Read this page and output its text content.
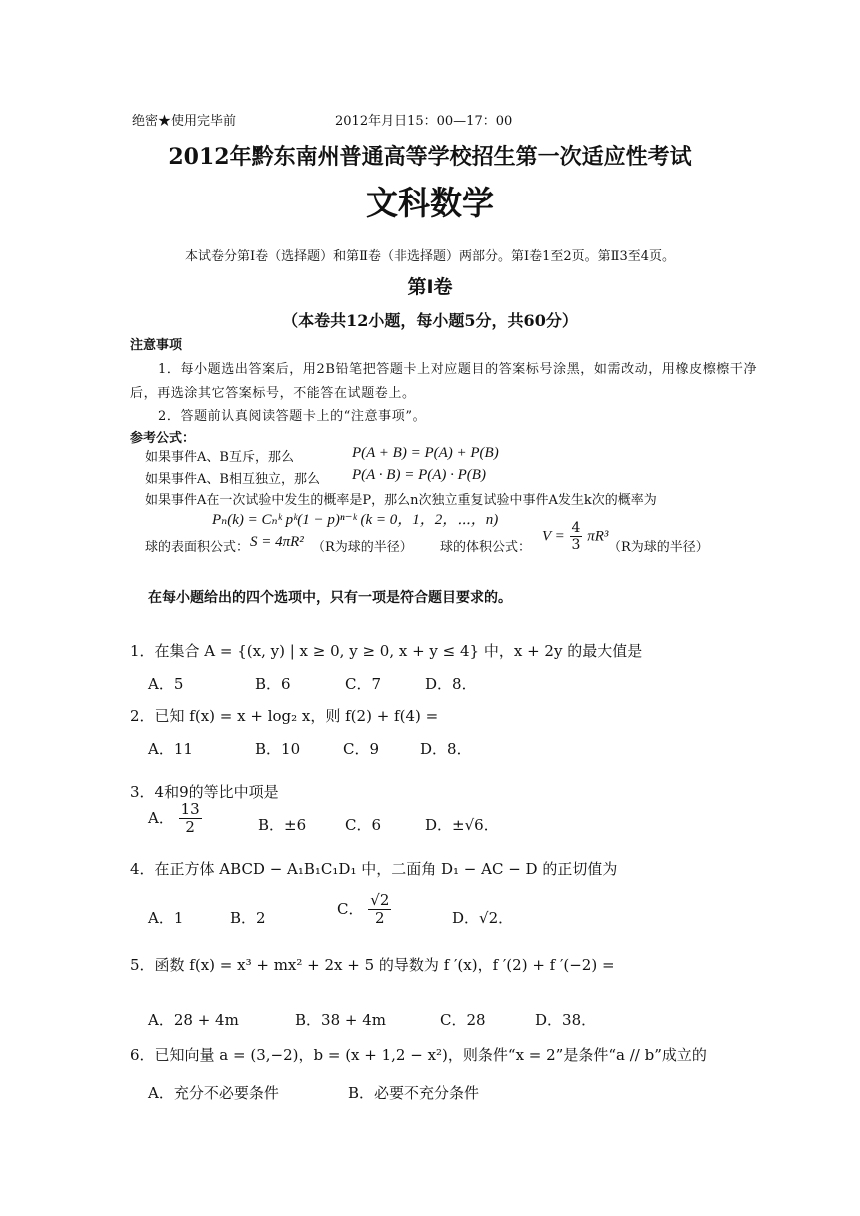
绝密★使用完毕前	2012年月日15：00—17：00
2012年黔东南州普通高等学校招生第一次适应性考试
文科数学
本试卷分第Ⅰ卷（选择题）和第Ⅱ卷（非选择题）两部分。第Ⅰ卷1至2页。第Ⅱ3至4页。
第Ⅰ卷
（本卷共12小题，每小题5分，共60分）
注意事项
1．每小题选出答案后，用2B铅笔把答题卡上对应题目的答案标号涂黑，如需改动，用橡皮檫檫干净
后，再选涂其它答案标号，不能答在试题卷上。
2．答题前认真阅读答题卡上的“注意事项”。
参考公式：
如果事件A、B互斥，那么	P(A + B) = P(A) + P(B)
如果事件A、B相互独立，那么 P(A · B) = P(A) · P(B)
如果事件A在一次试验中发生的概率是P，那么n次独立重复试验中事件A发生k次的概率为
Pₙ(k) = Cₙᵏ pᵏ(1 − p)ⁿ⁻ᵏ (k = 0，1，2，⋯，n)
球的表面积公式： S = 4πR² （R为球的半径） 球的体积公式：
$V = \frac{4}{3} \pi R^3$
（R为球的半径）
在每小题给出的四个选项中，只有一项是符合题目要求的。
1．在集合 A = {(x, y) | x ≥ 0, y ≥ 0, x + y ≤ 4} 中，x + 2y 的最大值是
A．5	B．6	C．7	D．8．
2．已知 f(x) = x + log₂ x，则 f(2) + f(4) =
A．11	B．10	C．9	D．8．
3．4和9的等比中项是
A． $\frac{13}{2}$	B．±6	C．6	D．±√6．
4．在正方体 ABCD − A₁B₁C₁D₁ 中，二面角 D₁ − AC − D 的正切值为
A．1	B．2
C． $\frac{√2}{2}$	D．√2．
5．函数 f(x) = x³ + mx² + 2x + 5 的导数为 f ′(x)，f ′(2) + f ′(−2) =
A．28 + 4m	B．38 + 4m	C．28	D．38．
6．已知向量 a = (3,−2)，b = (x + 1,2 − x²)，则条件“x = 2”是条件“a // b”成立的
A．充分不必要条件	B．必要不充分条件
